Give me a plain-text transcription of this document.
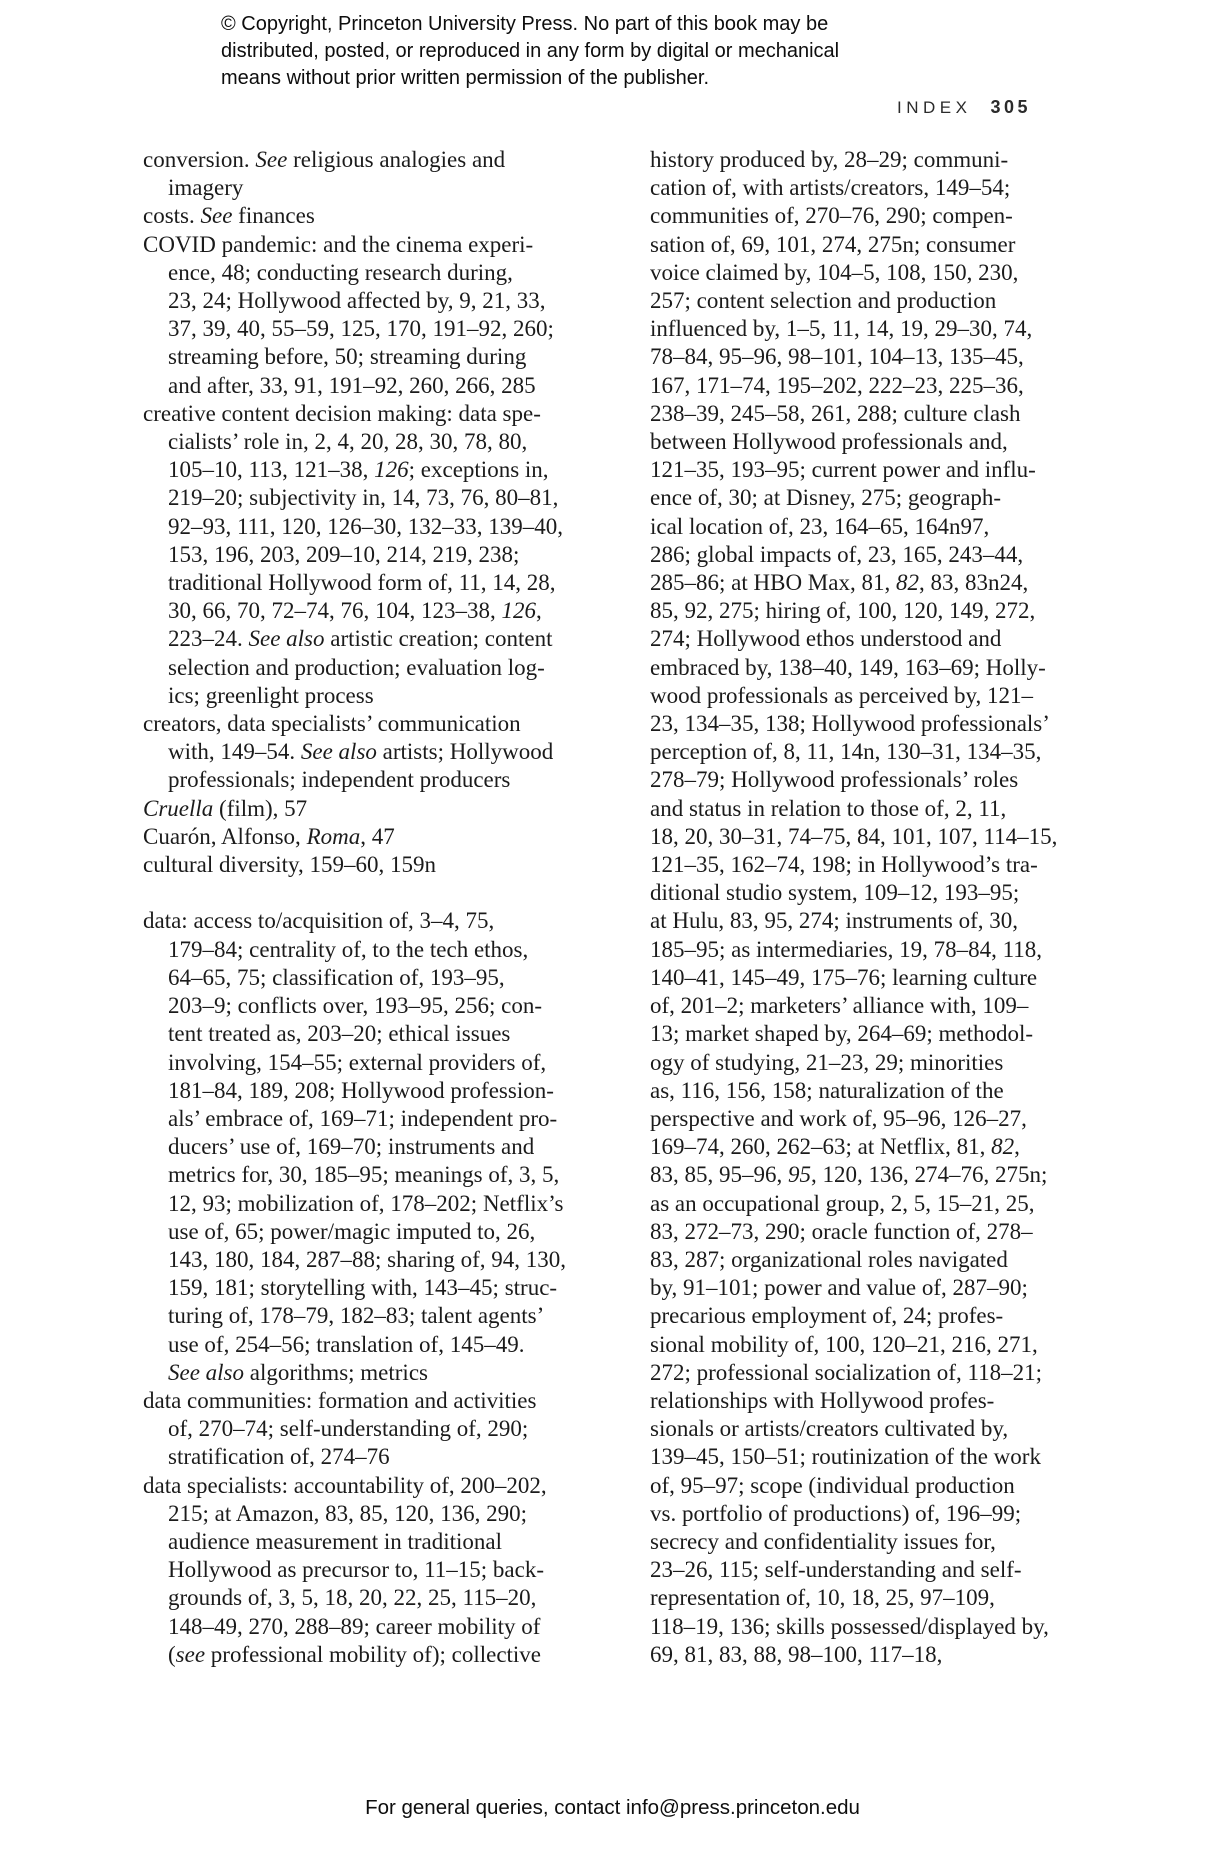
© Copyright, Princeton University Press. No part of this book may be
distributed, posted, or reproduced in any form by digital or mechanical
means without prior written permission of the publisher.
INDEX 305
conversion. See religious analogies and
imagery
costs. See finances
COVID pandemic: and the cinema experi-
ence, 48; conducting research during,
23, 24; Hollywood affected by, 9, 21, 33,
37, 39, 40, 55–59, 125, 170, 191–92, 260;
streaming before, 50; streaming during
and after, 33, 91, 191–92, 260, 266, 285
creative content decision making: data spe-
cialists’ role in, 2, 4, 20, 28, 30, 78, 80,
105–10, 113, 121–38, 126; exceptions in,
219–20; subjectivity in, 14, 73, 76, 80–81,
92–93, 111, 120, 126–30, 132–33, 139–40,
153, 196, 203, 209–10, 214, 219, 238;
traditional Hollywood form of, 11, 14, 28,
30, 66, 70, 72–74, 76, 104, 123–38, 126,
223–24. See also artistic creation; content
selection and production; evaluation log-
ics; greenlight process
creators, data specialists’ communication
with, 149–54. See also artists; Hollywood
professionals; independent producers
Cruella (film), 57
Cuarón, Alfonso, Roma, 47
cultural diversity, 159–60, 159n

data: access to/acquisition of, 3–4, 75,
179–84; centrality of, to the tech ethos,
64–65, 75; classification of, 193–95,
203–9; conflicts over, 193–95, 256; con-
tent treated as, 203–20; ethical issues
involving, 154–55; external providers of,
181–84, 189, 208; Hollywood profession-
als’ embrace of, 169–71; independent pro-
ducers’ use of, 169–70; instruments and
metrics for, 30, 185–95; meanings of, 3, 5,
12, 93; mobilization of, 178–202; Netflix’s
use of, 65; power/magic imputed to, 26,
143, 180, 184, 287–88; sharing of, 94, 130,
159, 181; storytelling with, 143–45; struc-
turing of, 178–79, 182–83; talent agents’
use of, 254–56; translation of, 145–49.
See also algorithms; metrics
data communities: formation and activities
of, 270–74; self-understanding of, 290;
stratification of, 274–76
data specialists: accountability of, 200–202,
215; at Amazon, 83, 85, 120, 136, 290;
audience measurement in traditional
Hollywood as precursor to, 11–15; back-
grounds of, 3, 5, 18, 20, 22, 25, 115–20,
148–49, 270, 288–89; career mobility of
(see professional mobility of); collective
history produced by, 28–29; communi-
cation of, with artists/creators, 149–54;
communities of, 270–76, 290; compen-
sation of, 69, 101, 274, 275n; consumer
voice claimed by, 104–5, 108, 150, 230,
257; content selection and production
influenced by, 1–5, 11, 14, 19, 29–30, 74,
78–84, 95–96, 98–101, 104–13, 135–45,
167, 171–74, 195–202, 222–23, 225–36,
238–39, 245–58, 261, 288; culture clash
between Hollywood professionals and,
121–35, 193–95; current power and influ-
ence of, 30; at Disney, 275; geograph-
ical location of, 23, 164–65, 164n97,
286; global impacts of, 23, 165, 243–44,
285–86; at HBO Max, 81, 82, 83, 83n24,
85, 92, 275; hiring of, 100, 120, 149, 272,
274; Hollywood ethos understood and
embraced by, 138–40, 149, 163–69; Holly-
wood professionals as perceived by, 121–
23, 134–35, 138; Hollywood professionals’
perception of, 8, 11, 14n, 130–31, 134–35,
278–79; Hollywood professionals’ roles
and status in relation to those of, 2, 11,
18, 20, 30–31, 74–75, 84, 101, 107, 114–15,
121–35, 162–74, 198; in Hollywood’s tra-
ditional studio system, 109–12, 193–95;
at Hulu, 83, 95, 274; instruments of, 30,
185–95; as intermediaries, 19, 78–84, 118,
140–41, 145–49, 175–76; learning culture
of, 201–2; marketers’ alliance with, 109–
13; market shaped by, 264–69; methodol-
ogy of studying, 21–23, 29; minorities
as, 116, 156, 158; naturalization of the
perspective and work of, 95–96, 126–27,
169–74, 260, 262–63; at Netflix, 81, 82,
83, 85, 95–96, 95, 120, 136, 274–76, 275n;
as an occupational group, 2, 5, 15–21, 25,
83, 272–73, 290; oracle function of, 278–
83, 287; organizational roles navigated
by, 91–101; power and value of, 287–90;
precarious employment of, 24; profes-
sional mobility of, 100, 120–21, 216, 271,
272; professional socialization of, 118–21;
relationships with Hollywood profes-
sionals or artists/creators cultivated by,
139–45, 150–51; routinization of the work
of, 95–97; scope (individual production
vs. portfolio of productions) of, 196–99;
secrecy and confidentiality issues for,
23–26, 115; self-understanding and self-
representation of, 10, 18, 25, 97–109,
118–19, 136; skills possessed/displayed by,
69, 81, 83, 88, 98–100, 117–18,
For general queries, contact info@press.princeton.edu
